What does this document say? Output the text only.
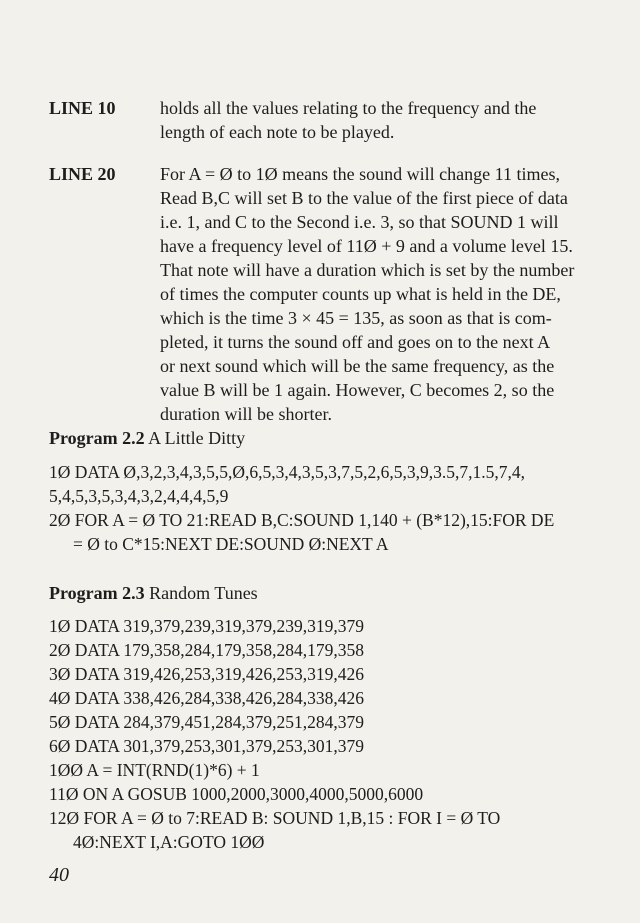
LINE 10	holds all the values relating to the frequency and the
length of each note to be played.
LINE 20	For A = Ø to 1Ø means the sound will change 11 times,
Read B,C will set B to the value of the first piece of data
i.e. 1, and C to the Second i.e. 3, so that SOUND 1 will
have a frequency level of 11Ø + 9 and a volume level 15.
That note will have a duration which is set by the number
of times the computer counts up what is held in the DE,
which is the time 3 × 45 = 135, as soon as that is com-
pleted, it turns the sound off and goes on to the next A
or next sound which will be the same frequency, as the
value B will be 1 again. However, C becomes 2, so the
duration will be shorter.
Program 2.2 A Little Ditty
1Ø DATA Ø,3,2,3,4,3,5,5,Ø,6,5,3,4,3,5,3,7,5,2,6,5,3,9,3.5,7,1.5,7,4,
5,4,5,3,5,3,4,3,2,4,4,4,5,9
2Ø FOR A = Ø TO 21:READ B,C:SOUND 1,140 + (B*12),15:FOR DE
= Ø to C*15:NEXT DE:SOUND Ø:NEXT A
Program 2.3 Random Tunes
1Ø DATA 319,379,239,319,379,239,319,379
2Ø DATA 179,358,284,179,358,284,179,358
3Ø DATA 319,426,253,319,426,253,319,426
4Ø DATA 338,426,284,338,426,284,338,426
5Ø DATA 284,379,451,284,379,251,284,379
6Ø DATA 301,379,253,301,379,253,301,379
1ØØ A = INT(RND(1)*6) + 1
11Ø ON A GOSUB 1000,2000,3000,4000,5000,6000
12Ø FOR A = Ø to 7:READ B: SOUND 1,B,15 : FOR I = Ø TO
4Ø:NEXT I,A:GOTO 1ØØ
40
